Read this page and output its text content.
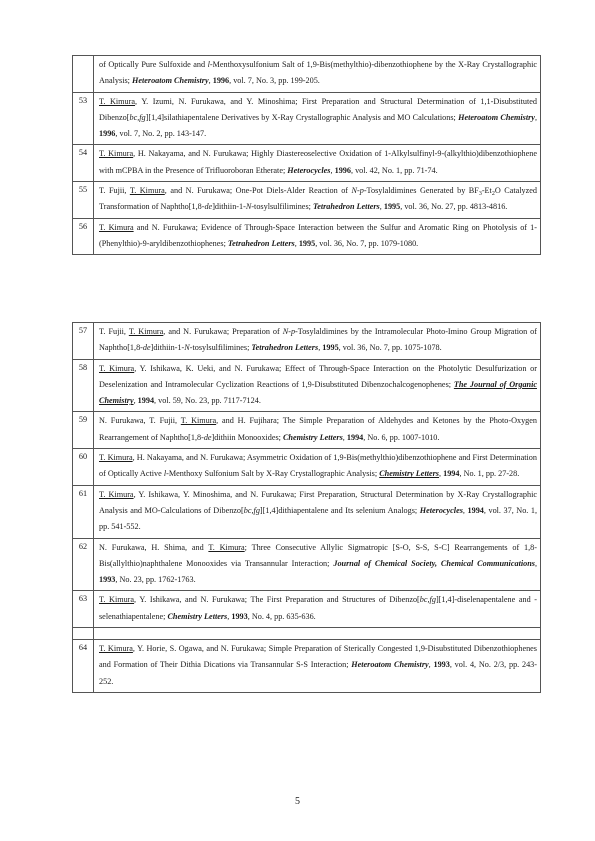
	of Optically Pure Sulfoxide and l-Menthoxysulfonium Salt of 1,9-Bis(methylthio)-dibenzothiophene by the X-Ray Crystallographic Analysis; Heteroatom Chemistry, 1996, vol. 7, No. 3, pp. 199-205.
53	T. Kimura, Y. Izumi, N. Furukawa, and Y. Minoshima; First Preparation and Structural Determination of 1,1-Disubstituted Dibenzo[bc,fg][1,4]silathiapentalene Derivatives by X-Ray Crystallographic Analysis and MO Calculations; Heteroatom Chemistry, 1996, vol. 7, No. 2, pp. 143-147.
54	T. Kimura, H. Nakayama, and N. Furukawa; Highly Diastereoselective Oxidation of 1-Alkylsulfinyl-9-(alkylthio)dibenzothiophene with mCPBA in the Presence of Trifluoroboran Etherate; Heterocycles, 1996, vol. 42, No. 1, pp. 71-74.
55	T. Fujii, T. Kimura, and N. Furukawa; One-Pot Diels-Alder Reaction of N-p-Tosylaldimines Generated by $BF_3-Et_2O$ Catalyzed Transformation of Naphtho[1,8-de]dithiin-1-N-tosylsulfilimines; Tetrahedron Letters, 1995, vol. 36, No. 27, pp. 4813-4816.
56	T. Kimura and N. Furukawa; Evidence of Through-Space Interaction between the Sulfur and Aromatic Ring on Photolysis of 1-(Phenylthio)-9-aryldibenzothiophenes; Tetrahedron Letters, 1995, vol. 36, No. 7, pp. 1079-1080.
57	T. Fujii, T. Kimura, and N. Furukawa; Preparation of N-p-Tosylaldimines by the Intramolecular Photo-Imino Group Migration of Naphtho[1,8-de]dithiin-1-N-tosylsulfilimines; Tetrahedron Letters, 1995, vol. 36, No. 7, pp. 1075-1078.
58	T. Kimura, Y. Ishikawa, K. Ueki, and N. Furukawa; Effect of Through-Space Interaction on the Photolytic Desulfurization or Deselenization and Intramolecular Cyclization Reactions of 1,9-Disubstituted Dibenzochalcogenophenes; The Journal of Organic Chemistry, 1994, vol. 59, No. 23, pp. 7117-7124.
59	N. Furukawa, T. Fujii, T. Kimura, and H. Fujihara; The Simple Preparation of Aldehydes and Ketones by the Photo-Oxygen Rearrangement of Naphtho[1,8-de]dithiin Monooxides; Chemistry Letters, 1994, No. 6, pp. 1007-1010.
60	T. Kimura, H. Nakayama, and N. Furukawa; Asymmetric Oxidation of 1,9-Bis(methylthio)dibenzothiophene and First Determination of Optically Active l-Menthoxy Sulfonium Salt by X-Ray Crystallographic Analysis; Chemistry Letters, 1994, No. 1, pp. 27-28.
61	T. Kimura, Y. Ishikawa, Y. Minoshima, and N. Furukawa; First Preparation, Structural Determination by X-Ray Crystallographic Analysis and MO-Calculations of Dibenzo[bc,fg][1,4]dithiapentalene and Its selenium Analogs; Heterocycles, 1994, vol. 37, No. 1, pp. 541-552.
62	N. Furukawa, H. Shima, and T. Kimura; Three Consecutive Allylic Sigmatropic [S-O, S-S, S-C] Rearrangements of 1,8-Bis(allylthio)naphthalene Monooxides via Transannular Interaction; Journal of Chemical Society, Chemical Communications, 1993, No. 23, pp. 1762-1763.
63	T. Kimura, Y. Ishikawa, and N. Furukawa; The First Preparation and Structures of Dibenzo[bc,fg][1,4]-diselenapentalene and -selenathiapentalene; Chemistry Letters, 1993, No. 4, pp. 635-636.

64	T. Kimura, Y. Horie, S. Ogawa, and N. Furukawa; Simple Preparation of Sterically Congested 1,9-Disubstituted Dibenzothiophenes and Formation of Their Dithia Dications via Transannular S-S Interaction; Heteroatom Chemistry, 1993, vol. 4, No. 2/3, pp. 243-252.
5
